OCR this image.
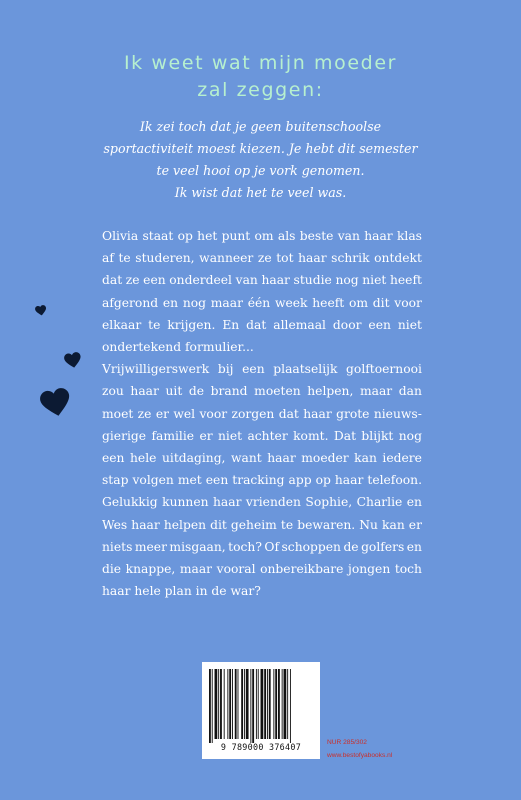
Ik weet wat mijn moeder
zal zeggen:
Ik zei toch dat je geen buitenschoolse
sportactiviteit moest kiezen. Je hebt dit semester
te veel hooi op je vork genomen.
Ik wist dat het te veel was.
Olivia staat op het punt om als beste van haar klas
af te studeren, wanneer ze tot haar schrik ontdekt
dat ze een onderdeel van haar studie nog niet heeft
afgerond en nog maar één week heeft om dit voor
elkaar te krijgen. En dat allemaal door een niet
ondertekend formulier...
Vrijwilligerswerk bij een plaatselijk golftoernooi
zou haar uit de brand moeten helpen, maar dan
moet ze er wel voor zorgen dat haar grote nieuws-
gierige familie er niet achter komt. Dat blijkt nog
een hele uitdaging, want haar moeder kan iedere
stap volgen met een tracking app op haar telefoon.
Gelukkig kunnen haar vrienden Sophie, Charlie en
Wes haar helpen dit geheim te bewaren. Nu kan er
niets meer misgaan, toch? Of schoppen de golfers en
die knappe, maar vooral onbereikbare jongen toch
haar hele plan in de war?
9 789000 376407	NUR 285/302
www.bestofyabooks.nl
